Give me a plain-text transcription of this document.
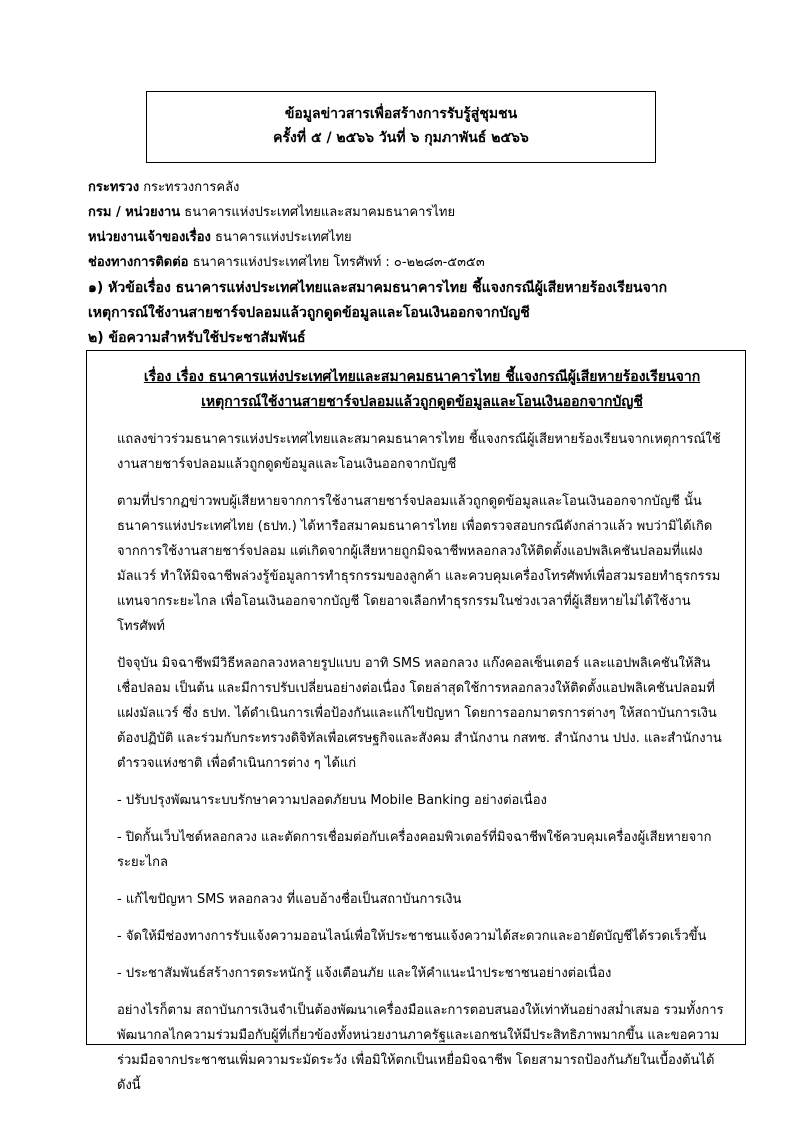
ข้อมูลข่าวสารเพื่อสร้างการรับรู้สู่ชุมชน
ครั้งที่ ๕ / ๒๕๖๖ วันที่ ๖ กุมภาพันธ์ ๒๕๖๖
กระทรวง กระทรวงการคลัง
กรม / หน่วยงาน ธนาคารแห่งประเทศไทยและสมาคมธนาคารไทย
หน่วยงานเจ้าของเรื่อง ธนาคารแห่งประเทศไทย
ช่องทางการติดต่อ ธนาคารแห่งประเทศไทย โทรศัพท์ : ๐-๒๒๘๓-๕๓๕๓
๑) หัวข้อเรื่อง ธนาคารแห่งประเทศไทยและสมาคมธนาคารไทย ชี้แจงกรณีผู้เสียหายร้องเรียนจาก
เหตุการณ์ใช้งานสายชาร์จปลอมแล้วถูกดูดข้อมูลและโอนเงินออกจากบัญชี
๒) ข้อความสำหรับใช้ประชาสัมพันธ์
เรื่อง เรื่อง ธนาคารแห่งประเทศไทยและสมาคมธนาคารไทย ชี้แจงกรณีผู้เสียหายร้องเรียนจาก
เหตุการณ์ใช้งานสายชาร์จปลอมแล้วถูกดูดข้อมูลและโอนเงินออกจากบัญชี

แถลงข่าวร่วมธนาคารแห่งประเทศไทยและสมาคมธนาคารไทย ชี้แจงกรณีผู้เสียหายร้องเรียนจากเหตุการณ์ใช้งานสายชาร์จปลอมแล้วถูกดูดข้อมูลและโอนเงินออกจากบัญชี

ตามที่ปรากฏข่าวพบผู้เสียหายจากการใช้งานสายชาร์จปลอมแล้วถูกดูดข้อมูลและโอนเงินออกจากบัญชี นั้น ธนาคารแห่งประเทศไทย (ธปท.) ได้หารือสมาคมธนาคารไทย เพื่อตรวจสอบกรณีดังกล่าวแล้ว พบว่ามิได้เกิดจากการใช้งานสายชาร์จปลอม แต่เกิดจากผู้เสียหายถูกมิจฉาชีพหลอกลวงให้ติดตั้งแอปพลิเคชันปลอมที่แฝงมัลแวร์ ทำให้มิจฉาชีพล่วงรู้ข้อมูลการทำธุรกรรมของลูกค้า และควบคุมเครื่องโทรศัพท์เพื่อสวมรอยทำธุรกรรมแทนจากระยะไกล เพื่อโอนเงินออกจากบัญชี โดยอาจเลือกทำธุรกรรมในช่วงเวลาที่ผู้เสียหายไม่ได้ใช้งานโทรศัพท์

ปัจจุบัน มิจฉาชีพมีวิธีหลอกลวงหลายรูปแบบ อาทิ SMS หลอกลวง แก๊งคอลเซ็นเตอร์ และแอปพลิเคชันให้สินเชื่อปลอม เป็นต้น และมีการปรับเปลี่ยนอย่างต่อเนื่อง โดยล่าสุดใช้การหลอกลวงให้ติดตั้งแอปพลิเคชันปลอมที่แฝงมัลแวร์ ซึ่ง ธปท. ได้ดำเนินการเพื่อป้องกันและแก้ไขปัญหา โดยการออกมาตรการต่างๆ ให้สถาบันการเงินต้องปฏิบัติ และร่วมกับกระทรวงดิจิทัลเพื่อเศรษฐกิจและสังคม สำนักงาน กสทช. สำนักงาน ปปง. และสำนักงานตำรวจแห่งชาติ เพื่อดำเนินการต่าง ๆ ได้แก่

- ปรับปรุงพัฒนาระบบรักษาความปลอดภัยบน Mobile Banking อย่างต่อเนื่อง

- ปิดกั้นเว็บไซต์หลอกลวง และตัดการเชื่อมต่อกับเครื่องคอมพิวเตอร์ที่มิจฉาชีพใช้ควบคุมเครื่องผู้เสียหายจากระยะไกล

- แก้ไขปัญหา SMS หลอกลวง ที่แอบอ้างชื่อเป็นสถาบันการเงิน

- จัดให้มีช่องทางการรับแจ้งความออนไลน์เพื่อให้ประชาชนแจ้งความได้สะดวกและอายัดบัญชีได้รวดเร็วขึ้น

- ประชาสัมพันธ์สร้างการตระหนักรู้ แจ้งเตือนภัย และให้คำแนะนำประชาชนอย่างต่อเนื่อง

อย่างไรก็ตาม สถาบันการเงินจำเป็นต้องพัฒนาเครื่องมือและการตอบสนองให้เท่าทันอย่างสม่ำเสมอ รวมทั้งการพัฒนากลไกความร่วมมือกับผู้ที่เกี่ยวข้องทั้งหน่วยงานภาครัฐและเอกชนให้มีประสิทธิภาพมากขึ้น และขอความร่วมมือจากประชาชนเพิ่มความระมัดระวัง เพื่อมิให้ตกเป็นเหยื่อมิจฉาชีพ โดยสามารถป้องกันภัยในเบื้องต้นได้ ดังนี้
